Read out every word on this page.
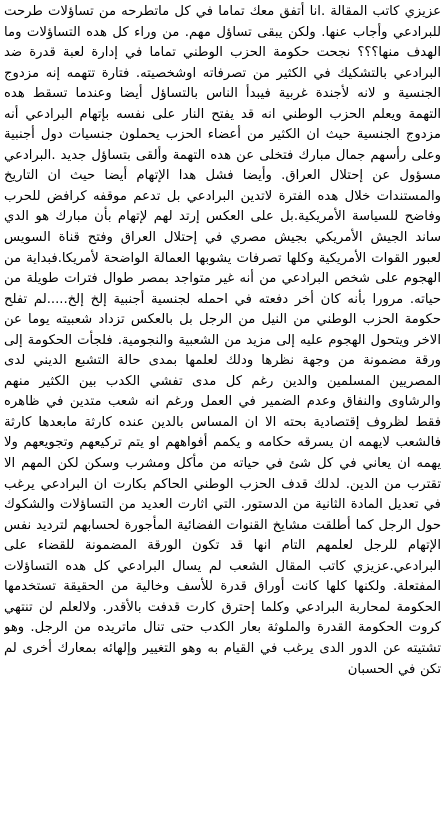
عزيزي كاتب المقالة .انا أتفق معك تماما في كل ماتطرحه من تساؤلات طرحت للبرادعي وأجاب عنها. ولكن يبقى تساؤل مهم. من وراء كل هده التساؤلات وما الهدف منها؟؟؟ نجحت حكومة الحزب الوطني تماما في إدارة لعبة قدرة ضد البرادعي بالتشكيك في الكثير من تصرفاته اوشخصيته. فتارة تتهمه إنه مزدوج الجنسية و لانه لأجندة غربية فيبدأ الناس بالتساؤل أيضا وعندما تسقط هده التهمة ويعلم الحزب الوطني انه قد يفتح النار على نفسه بإتهام البرادعي أنه مزدوج الجنسية حيث ان الكثير من أعضاء الحزب يحملون جنسيات دول أجنبية وعلى رأسهم جمال مبارك فتخلى عن هده التهمة وألقى بتساؤل جديد .البرادعي مسؤول عن إحتلال العراق. وأيضا فشل هدا الإتهام أيضا حيث ان التاريخ والمستندات خلال هده الفترة لاتدين البرادعي بل تدعم موقفه كرافض للحرب وفاضح للسياسة الأمريكية.بل على العكس إرتد لهم لإتهام بأن مبارك هو الدي ساند الجيش الأمريكي بجيش مصري في إحتلال العراق وفتح قناة السويس لعبور القوات الأمريكية وكلها تصرفات يشوبها العمالة الواضحة لأمريكا.فبداية من الهجوم على شخص البرادعي من أنه غير متواجد بمصر طوال فترات طويلة من حياته. مرورا بأنه كان أخر دفعته في احمله لجنسية أجنبية إلخ إلخ.....لم تفلح حكومة الحزب الوطني من النيل من الرجل بل بالعكس تزداد شعبيته يوما عن الاخر ويتحول الهجوم عليه إلى مزيد من الشعبية والنجومية. فلجأت الحكومة إلى ورقة مضمونة من وجهة نظرها ودلك لعلمها بمدى حالة التشبع الديني لدى المصريين المسلمين والدين رغم كل مدى تفشي الكدب بين الكثير منهم والرشاوى والنفاق وعدم الضمير في العمل ورغم انه شعب متدين في ظاهره فقط لظروف إقتصادية بحته الا ان المساس بالدين عنده كارثة مابعدها كارثة فالشعب لايهمه ان يسرقه حكامه و يكمم أفواههم او يتم تركيعهم وتجويعهم ولا يهمه ان يعاني في كل شئ في حياته من مأكل ومشرب وسكن لكن المهم الا تقترب من الدين. لدلك قدف الحزب الوطني الحاكم بكارت ان البرادعي يرغب في تعديل المادة الثانية من الدستور. التي اثارت العديد من التساؤلات والشكوك حول الرجل كما أطلقت مشايخ القنوات الفضائية المأجورة لحسابهم لترديد نفس الإتهام للرجل لعلمهم التام انها قد تكون الورقة المضمونة للقضاء على البرادعي.عزيزي كاتب المقال الشعب لم يسال البرادعي كل هده التساؤلات المفتعلة. ولكنها كلها كانت أوراق قدرة للأسف وخالية من الحقيقة تستخدمها الحكومة لمحاربة البرادعي وكلما إحترق كارت قدفت بالأقدر. ولالعلم لن تنتهي كروت الحكومة القدرة والملوثة بعار الكدب حتى تنال ماتريده من الرجل. وهو تشتيته عن الدور الدى يرغب في القيام به وهو التغيير وإلهائه بمعارك أخرى لم تكن في الحسبان
